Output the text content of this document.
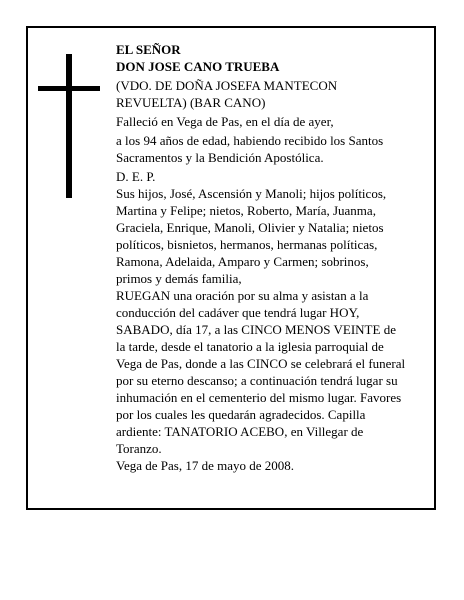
EL SEÑOR

DON JOSE CANO TRUEBA

(VDO. DE DOÑA JOSEFA MANTECON

REVUELTA) (BAR CANO)

Falleció en Vega de Pas, en el día de ayer,

a los 94 años de edad, habiendo recibido los Santos

Sacramentos y la Bendición Apostólica.

D. E. P.

Sus hijos, José, Ascensión y Manoli; hijos políticos,

Martina y Felipe; nietos, Roberto, María, Juanma,

Graciela, Enrique, Manoli, Olivier y Natalia; nietos

políticos, bisnietos, hermanos, hermanas políticas,

Ramona, Adelaida, Amparo y Carmen; sobrinos,

primos y demás familia,

RUEGAN una oración por su alma y asistan a la

conducción del cadáver que tendrá lugar HOY,

SABADO, día 17, a las CINCO MENOS VEINTE de

la tarde, desde el tanatorio a la iglesia parroquial de

Vega de Pas, donde a las CINCO se celebrará el funeral

por su eterno descanso; a continuación tendrá lugar su

inhumación en el cementerio del mismo lugar. Favores

por los cuales les quedarán agradecidos. Capilla

ardiente: TANATORIO ACEBO, en Villegar de

Toranzo.

Vega de Pas, 17 de mayo de 2008.
